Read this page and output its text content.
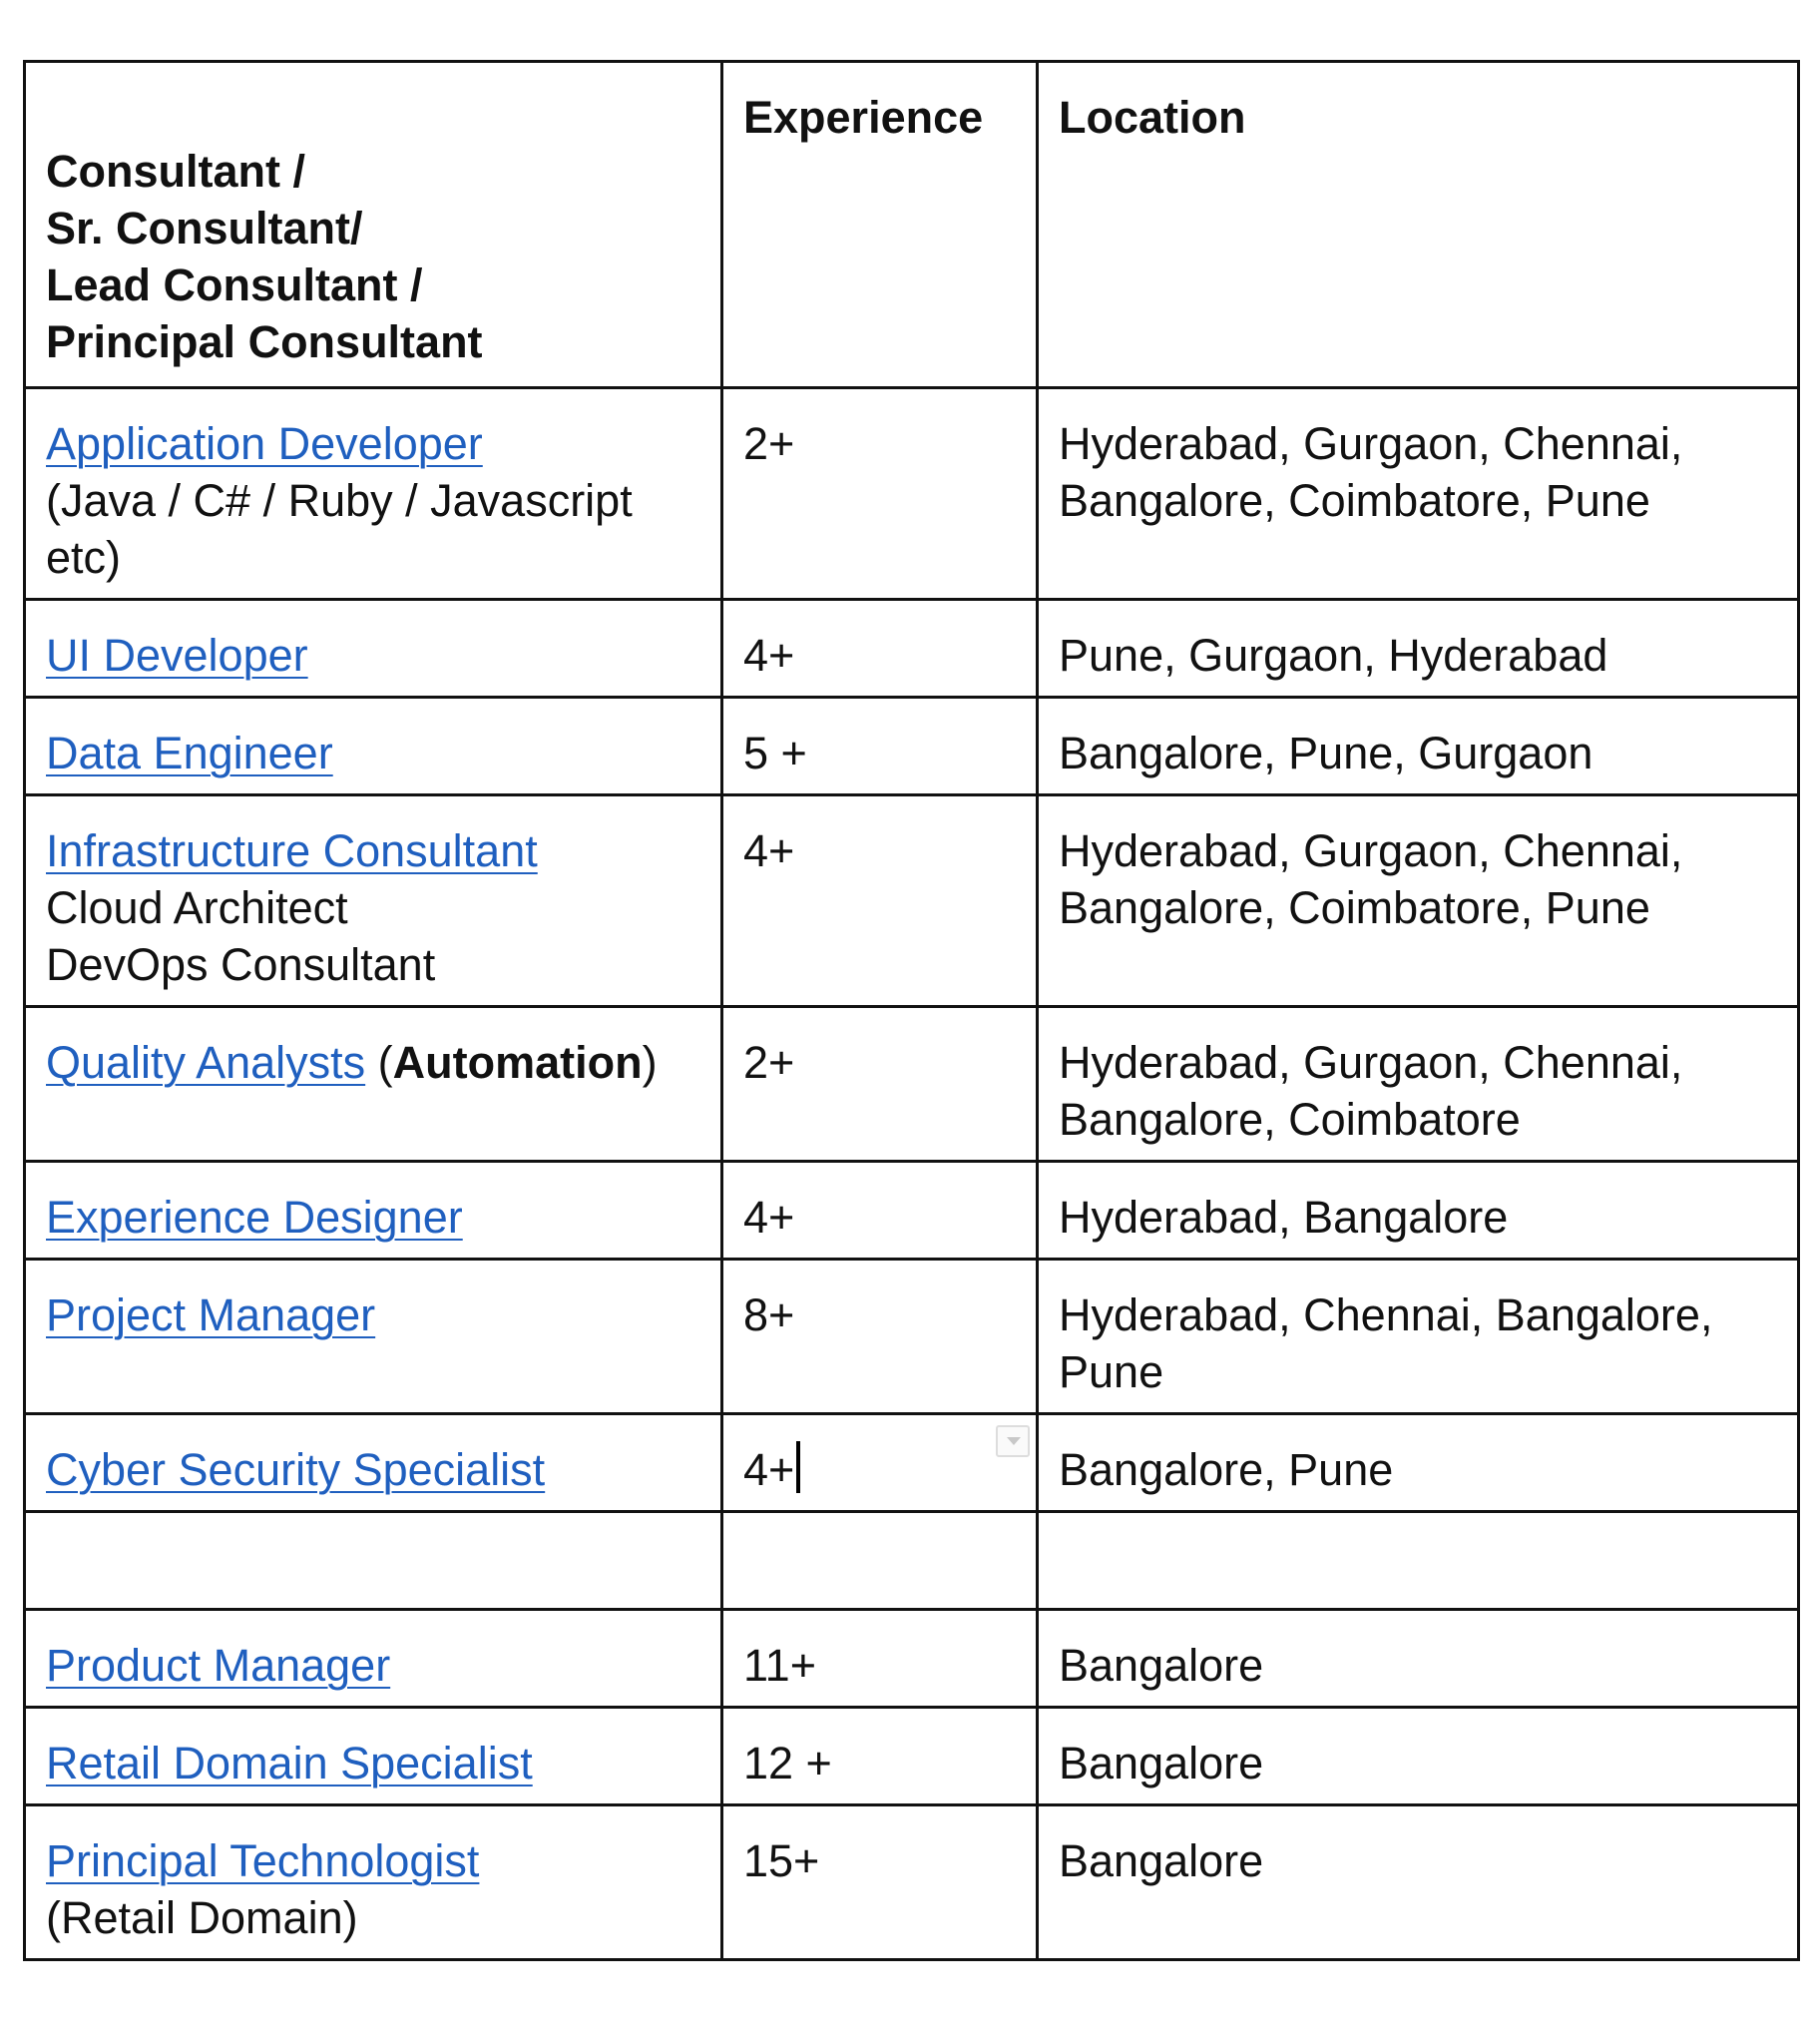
Consultant /
Sr. Consultant/
Lead Consultant /
Principal Consultant	Experience	Location
Application Developer
(Java / C# / Ruby / Javascript etc)	2+	Hyderabad, Gurgaon, Chennai, Bangalore, Coimbatore, Pune
UI Developer	4+	Pune, Gurgaon, Hyderabad
Data Engineer	5 +	Bangalore, Pune, Gurgaon
Infrastructure Consultant
Cloud Architect
DevOps Consultant	4+	Hyderabad, Gurgaon, Chennai, Bangalore, Coimbatore, Pune
Quality Analysts (Automation)	2+	Hyderabad, Gurgaon, Chennai, Bangalore, Coimbatore
Experience Designer	4+	Hyderabad, Bangalore
Project Manager	8+	Hyderabad, Chennai, Bangalore, Pune
Cyber Security Specialist	4+	Bangalore, Pune

Product Manager	11+	Bangalore
Retail Domain Specialist	12 +	Bangalore
Principal Technologist
(Retail Domain)	15+	Bangalore
